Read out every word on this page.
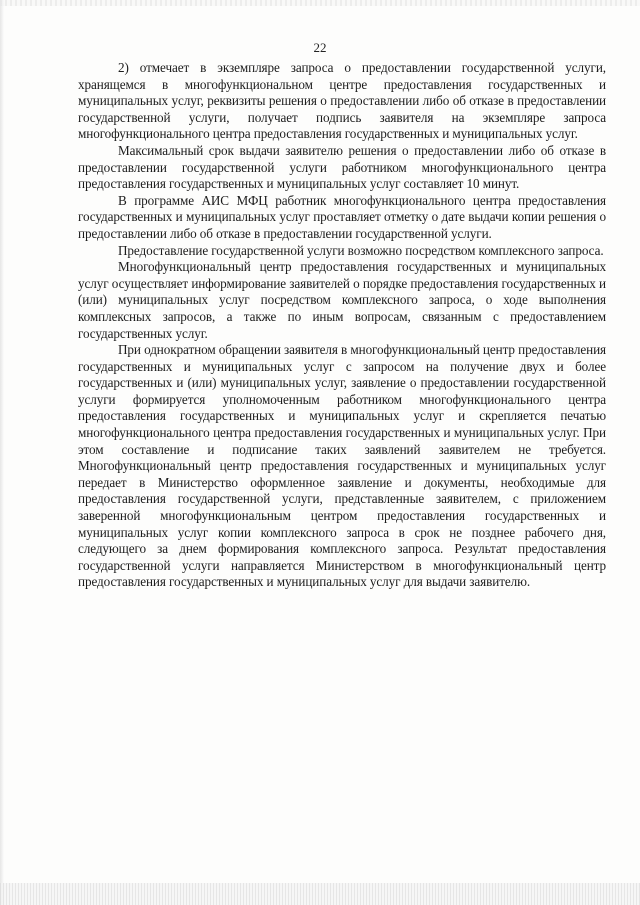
22

2) отмечает в экземпляре запроса о предоставлении государственной услуги, хранящемся в многофункциональном центре предоставления государственных и муниципальных услуг, реквизиты решения о предоставлении либо об отказе в предоставлении государственной услуги, получает подпись заявителя на экземпляре запроса многофункционального центра предоставления государственных и муниципальных услуг.

Максимальный срок выдачи заявителю решения о предоставлении либо об отказе в предоставлении государственной услуги работником многофункционального центра предоставления государственных и муниципальных услуг составляет 10 минут.

В программе АИС МФЦ работник многофункционального центра предоставления государственных и муниципальных услуг проставляет отметку о дате выдачи копии решения о предоставлении либо об отказе в предоставлении государственной услуги.

Предоставление государственной услуги возможно посредством комплексного запроса.

Многофункциональный центр предоставления государственных и муниципальных услуг осуществляет информирование заявителей о порядке предоставления государственных и (или) муниципальных услуг посредством комплексного запроса, о ходе выполнения комплексных запросов, а также по иным вопросам, связанным с предоставлением государственных услуг.

При однократном обращении заявителя в многофункциональный центр предоставления государственных и муниципальных услуг с запросом на получение двух и более государственных и (или) муниципальных услуг, заявление о предоставлении государственной услуги формируется уполномоченным работником многофункционального центра предоставления государственных и муниципальных услуг и скрепляется печатью многофункционального центра предоставления государственных и муниципальных услуг. При этом составление и подписание таких заявлений заявителем не требуется. Многофункциональный центр предоставления государственных и муниципальных услуг передает в Министерство оформленное заявление и документы, необходимые для предоставления государственной услуги, представленные заявителем, с приложением заверенной многофункциональным центром предоставления государственных и муниципальных услуг копии комплексного запроса в срок не позднее рабочего дня, следующего за днем формирования комплексного запроса. Результат предоставления государственной услуги направляется Министерством в многофункциональный центр предоставления государственных и муниципальных услуг для выдачи заявителю.
